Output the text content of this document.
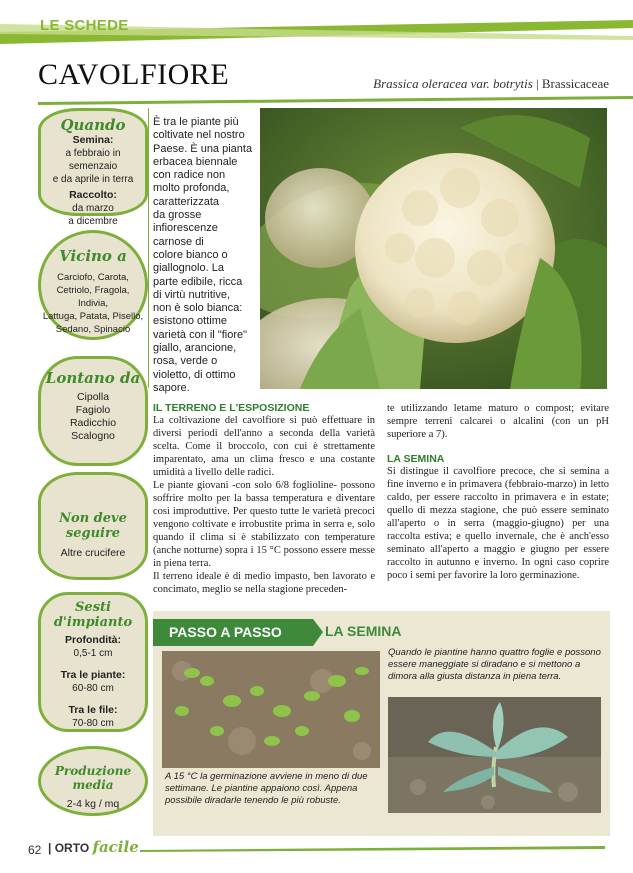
LE SCHEDE
CAVOLFIORE	Brassica oleracea var. botrytis | Brassicaceae
Quando
Semina:
a febbraio in semenzaio
e da aprile in terra
Raccolto:
da marzo
a dicembre
Vicino a
Carciofo, Carota,
Cetriolo, Fragola, Indivia,
Lattuga, Patata, Pisello,
Sedano, Spinacio
Lontano da
Cipolla
Fagiolo
Radicchio
Scalogno
Non deve seguire
Altre crucifere
Sesti d'impianto
Profondità:
0,5-1 cm
Tra le piante:
60-80 cm
Tra le file:
70-80 cm
Produzione media
2-4 kg / mq
È tra le piante più
coltivate nel nostro
Paese. È una pianta
erbacea biennale
con radice non
molto profonda,
caratterizzata
da grosse
infiorescenze
carnose di
colore bianco o
giallognolo. La
parte edibile, ricca
di virtù nutritive,
non è solo bianca:
esistono ottime
varietà con il "fiore"
giallo, arancione,
rosa, verde o
violetto, di ottimo
sapore.
IL TERRENO E L'ESPOSIZIONE
La coltivazione del cavolfiore si può effettuare in diversi periodi dell'anno a seconda della varietà scelta. Come il broccolo, con cui è strettamente imparentato, ama un clima fresco e una costante umidità a livello delle radici.
Le piante giovani -con solo 6/8 foglioline- possono soffrire molto per la bassa temperatura e diventare così improduttive. Per questo tutte le varietà precoci vengono coltivate e irrobustite prima in serra e, solo quando il clima si è stabilizzato con temperature (anche notturne) sopra i 15 °C possono essere messe in piena terra.
Il terreno ideale è di medio impasto, ben lavorato e concimato, meglio se nella stagione preceden-
te utilizzando letame maturo o compost; evitare sempre terreni calcarei o alcalini (con un pH superiore a 7).
LA SEMINA
Si distingue il cavolfiore precoce, che si semina a fine inverno e in primavera (febbraio-marzo) in letto caldo, per essere raccolto in primavera e in estate; quello di mezza stagione, che può essere seminato all'aperto o in serra (maggio-giugno) per una raccolta estiva; e quello invernale, che è anch'esso seminato all'aperto a maggio e giugno per essere raccolto in autunno e inverno. In ogni caso coprire poco i semi per favorire la loro germinazione.
PASSO A PASSO	LA SEMINA
A 15 °C la germinazione avviene in meno di due settimane. Le piantine appaiono così. Appena possibile diradarle tenendo le più robuste.
Quando le piantine hanno quattro foglie e possono essere maneggiate si diradano e si mettono a dimora alla giusta distanza in piena terra.
62 | ORTO facile
